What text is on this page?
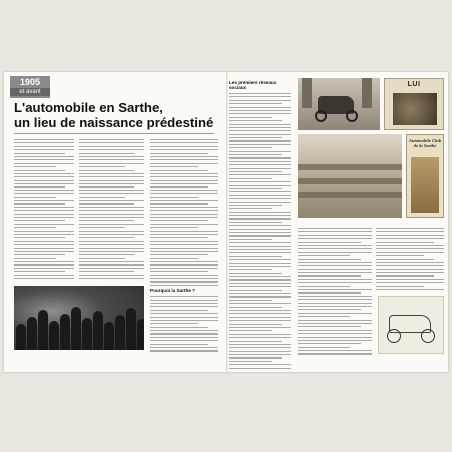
1905
et avant
L'automobile en Sarthe,
un lieu de naissance prédestiné
Pourquoi la Sarthe ?
Les premiers réseaux sociaux	LUI
Automobile Club
de la Sarthe
